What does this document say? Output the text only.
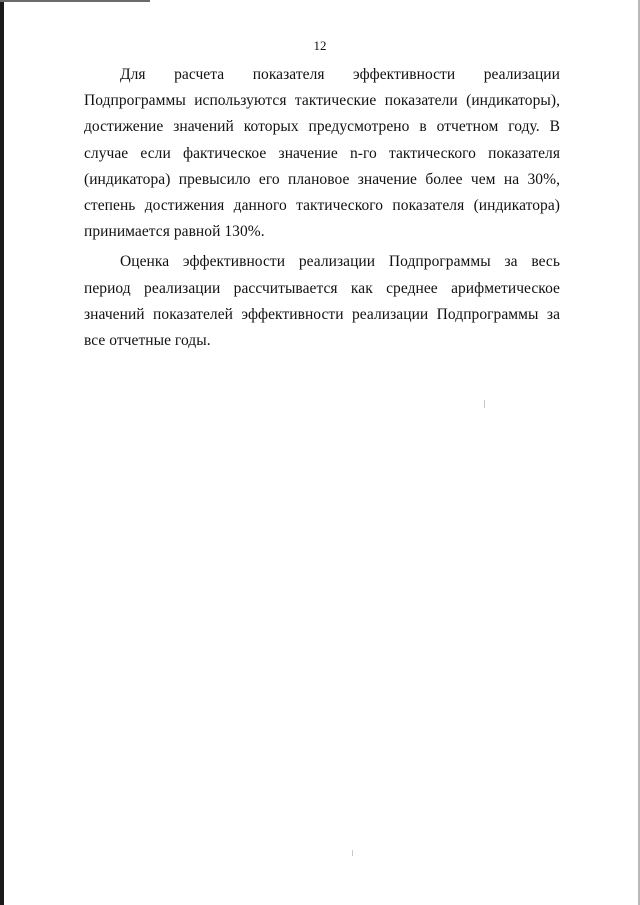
12

Для расчета показателя эффективности реализации Подпрограммы используются тактические показатели (индикаторы), достижение значений которых предусмотрено в отчетном году. В случае если фактическое значение n-го тактического показателя (индикатора) превысило его плановое значение более чем на 30%, степень достижения данного тактического показателя (индикатора) принимается равной 130%.

Оценка эффективности реализации Подпрограммы за весь период реализации рассчитывается как среднее арифметическое значений показателей эффективности реализации Подпрограммы за все отчетные годы.
